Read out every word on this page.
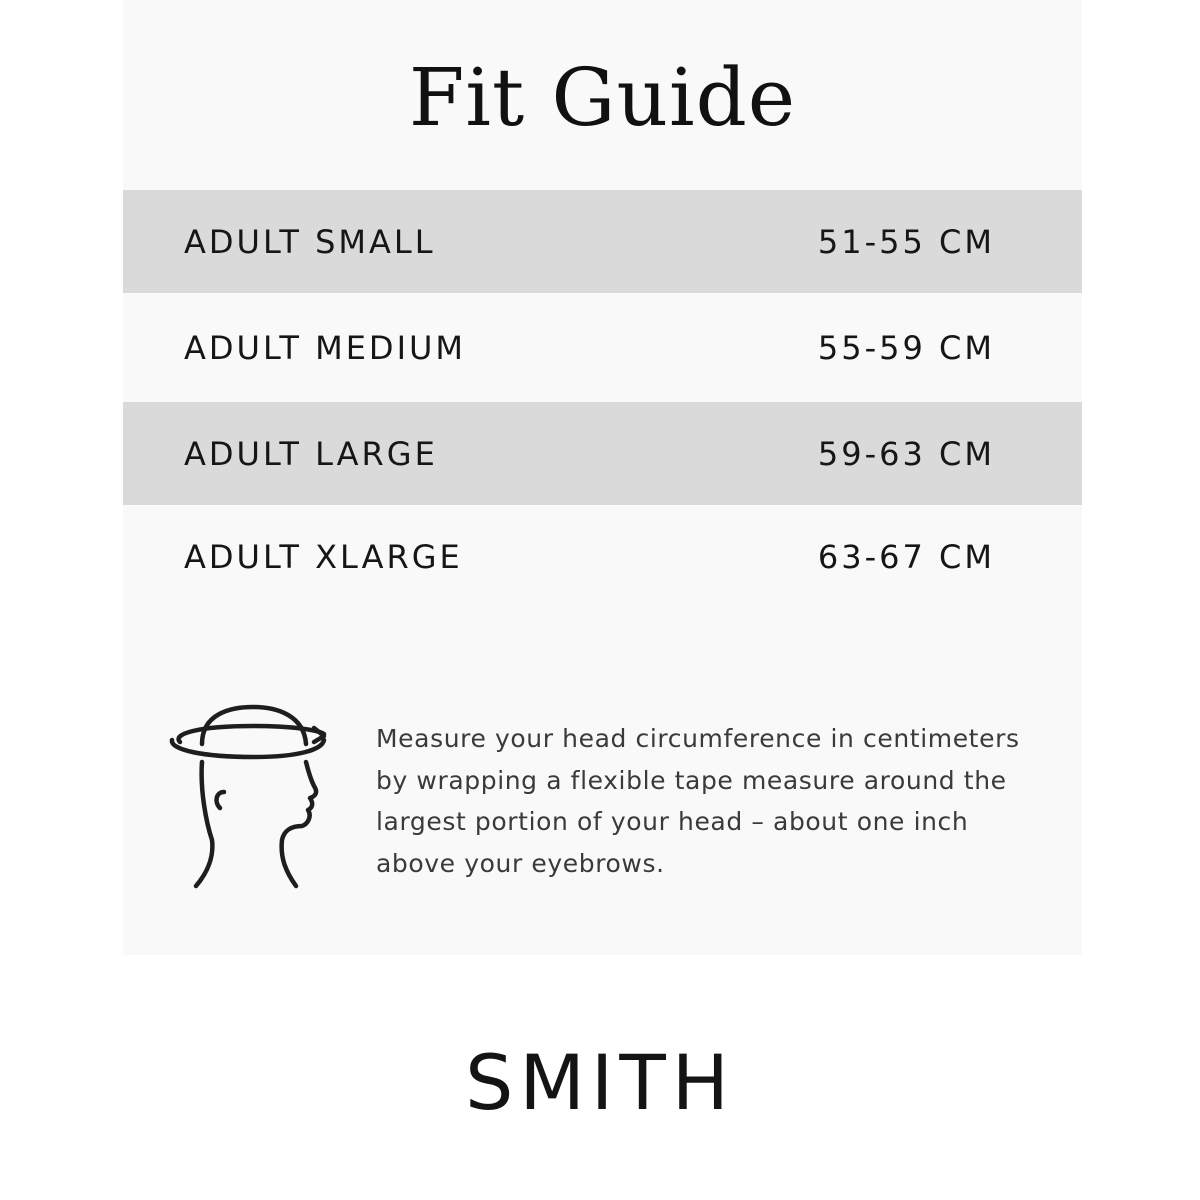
Fit Guide
ADULT SMALL	51-55 CM
ADULT MEDIUM	55-59 CM
ADULT LARGE	59-63 CM
ADULT XLARGE	63-67 CM

Measure your head circumference in centimeters by wrapping a flexible tape measure around the largest portion of your head – about one inch above your eyebrows.

SMITH
